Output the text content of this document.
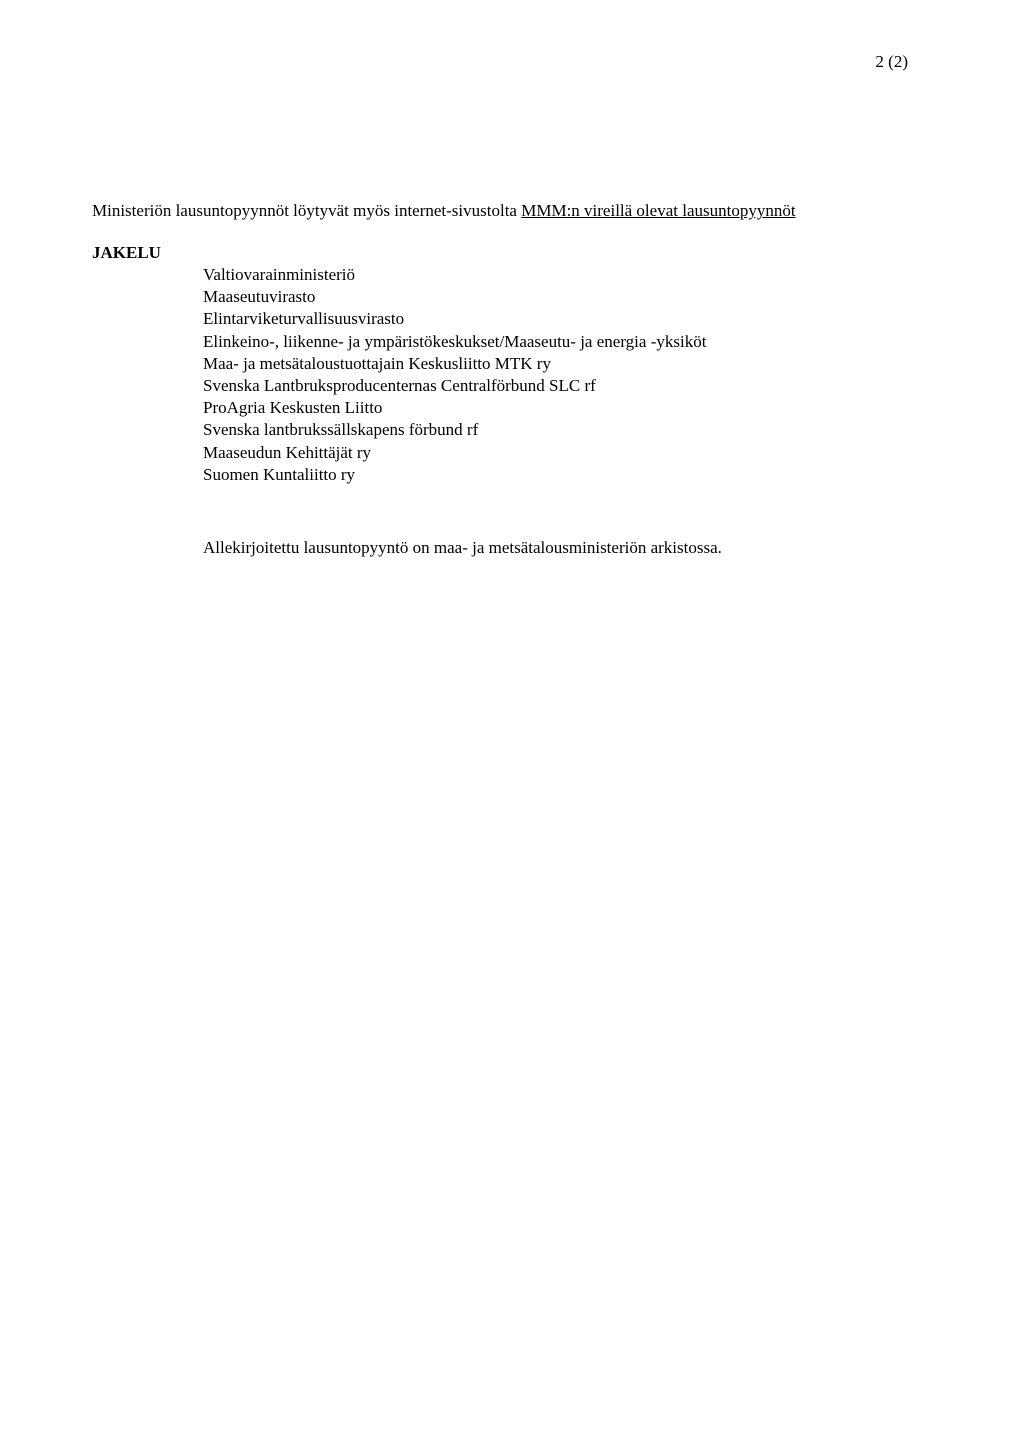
2 (2)
Ministeriön lausuntopyynnöt löytyvät myös internet-sivustolta MMM:n vireillä olevat lausuntopyynnöt
JAKELU
Valtiovarainministeriö
Maaseutuvirasto
Elintarviketurvallisuusvirasto
Elinkeino-, liikenne- ja ympäristökeskukset/Maaseutu- ja energia -yksiköt
Maa- ja metsätaloustuottajain Keskusliitto MTK ry
Svenska Lantbruksproducenternas Centralförbund SLC rf
ProAgria Keskusten Liitto
Svenska lantbrukssällskapens förbund rf
Maaseudun Kehittäjät ry
Suomen Kuntaliitto ry
Allekirjoitettu lausuntopyyntö on maa- ja metsätalousministeriön arkistossa.
